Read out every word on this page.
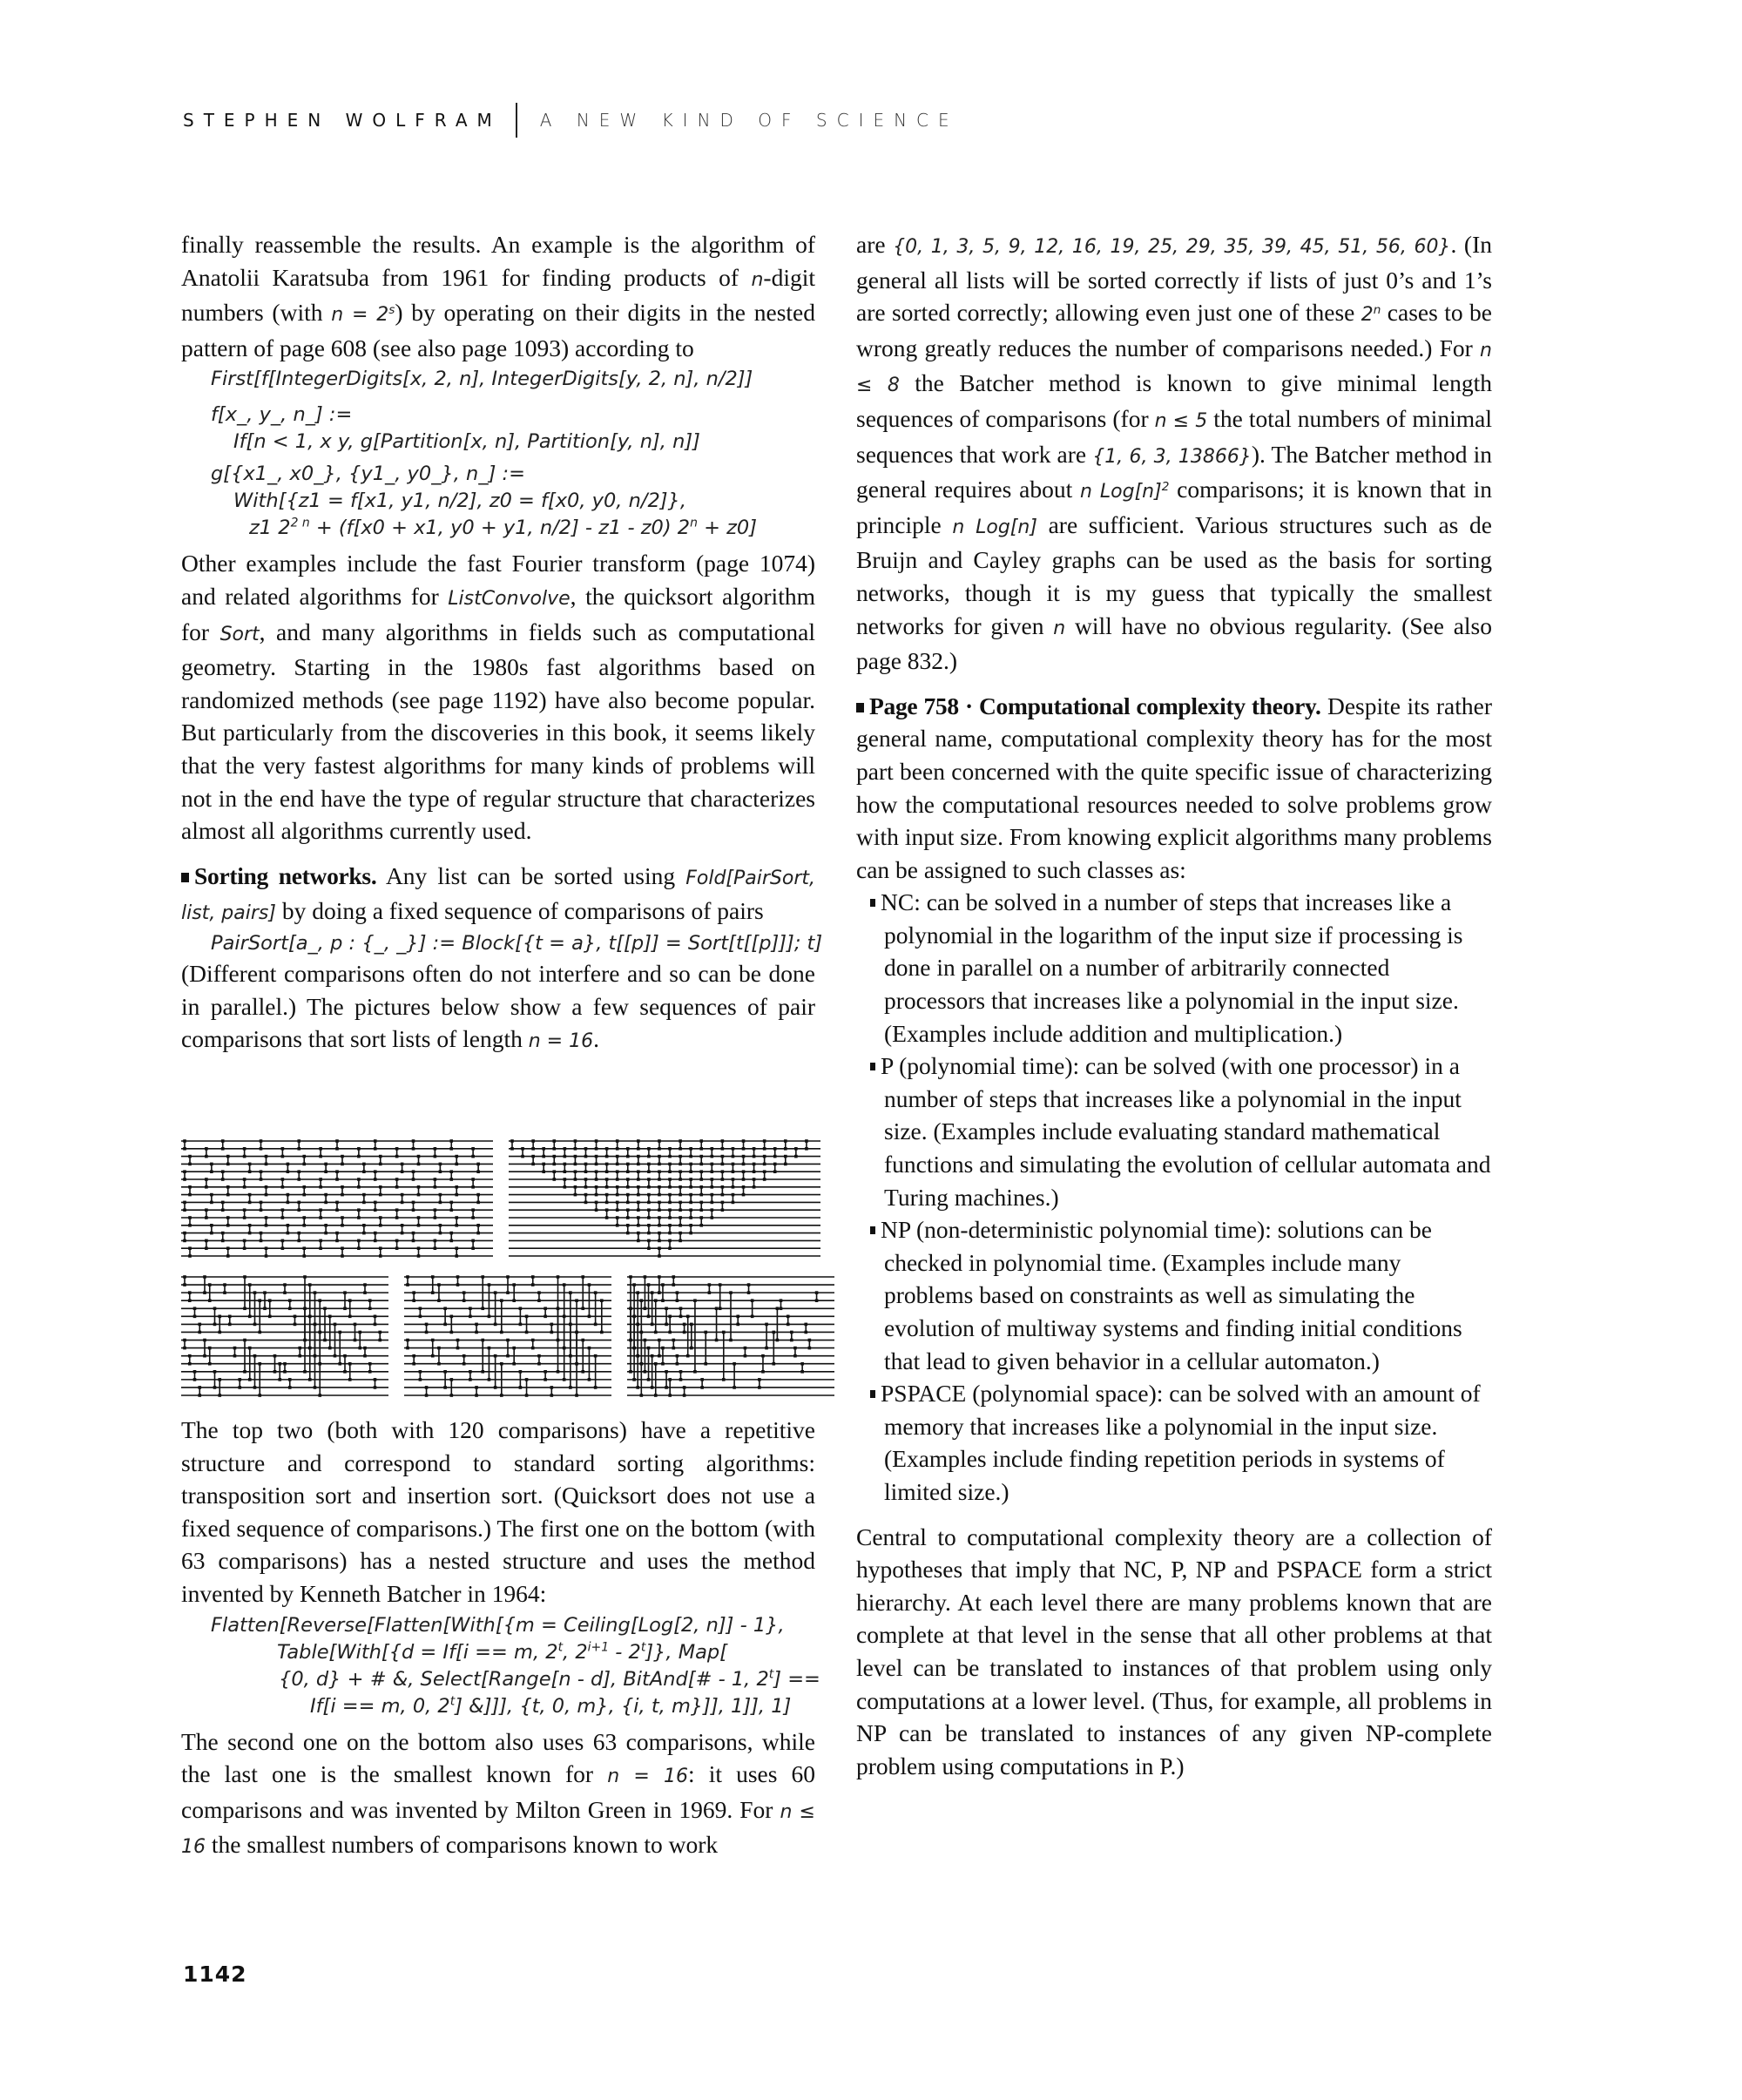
STEPHEN WOLFRAM A NEW KIND OF SCIENCE

finally reassemble the results. An example is the algorithm of Anatolii Karatsuba from 1961 for finding products of n-digit numbers (with $n = 2^s$) by operating on their digits in the nested pattern of page 608 (see also page 1093) according to

First[f[IntegerDigits[x, 2, n], IntegerDigits[y, 2, n], n/2]]
f[x_, y_, n_] :=
If[n < 1, x y, g[Partition[x, n], Partition[y, n], n]]
g[{x1_, x0_}, {y1_, y0_}, n_] :=
With[{z1 = f[x1, y1, n/2], z0 = f[x0, y0, n/2]},
z1 $2^{2 n} + (f[x0 + x1$, y0 + y1, n/2] - z1 - z0) $2^n + z0$]

Other examples include the fast Fourier transform (page 1074) and related algorithms for ListConvolve, the quicksort algorithm for Sort, and many algorithms in fields such as computational geometry. Starting in the 1980s fast algorithms based on randomized methods (see page 1192) have also become popular. But particularly from the discoveries in this book, it seems likely that the very fastest algorithms for many kinds of problems will not in the end have the type of regular structure that characterizes almost all algorithms currently used.

Sorting networks. Any list can be sorted using Fold[PairSort, list, pairs] by doing a fixed sequence of comparisons of pairs

PairSort[a_, p : {_, _}] := Block[{t = a}, t[[p]] = Sort[t[[p]]]; t]

(Different comparisons often do not interfere and so can be done in parallel.) The pictures below show a few sequences of pair comparisons that sort lists of length n = 16.

The top two (both with 120 comparisons) have a repetitive structure and correspond to standard sorting algorithms: transposition sort and insertion sort. (Quicksort does not use a fixed sequence of comparisons.) The first one on the bottom (with 63 comparisons) has a nested structure and uses the method invented by Kenneth Batcher in 1964:

Flatten[Reverse[Flatten[With[{m = Ceiling[Log[2, n]] - 1},
Table[With[{d = If[i == m, 2$^t$, $2^{i+1} - 2^t$]}, Map[
{0, d} + # &, Select[Range[n - d], BitAnd[# - 1, $2^t$] ==
If[i == m, 0, 2$^t$] &]]], {t, 0, m}, {i, t, m}]], 1]], 1]

The second one on the bottom also uses 63 comparisons, while the last one is the smallest known for n = 16: it uses 60 comparisons and was invented by Milton Green in 1969. For n ≤ 16 the smallest numbers of comparisons known to work

are {0, 1, 3, 5, 9, 12, 16, 19, 25, 29, 35, 39, 45, 51, 56, 60}. (In general all lists will be sorted correctly if lists of just 0’s and 1’s are sorted correctly; allowing even just one of these 2$^n$ cases to be wrong greatly reduces the number of comparisons needed.) For n ≤ 8 the Batcher method is known to give minimal length sequences of comparisons (for n ≤ 5 the total numbers of minimal sequences that work are {1, 6, 3, 13866}). The Batcher method in general requires about n $Log[n]^2$ comparisons; it is known that in principle n Log[n] are sufficient. Various structures such as de Bruijn and Cayley graphs can be used as the basis for sorting networks, though it is my guess that typically the smallest networks for given n will have no obvious regularity. (See also page 832.)

Page 758 · Computational complexity theory. Despite its rather general name, computational complexity theory has for the most part been concerned with the quite specific issue of characterizing how the computational resources needed to solve problems grow with input size. From knowing explicit algorithms many problems can be assigned to such classes as:

NC: can be solved in a number of steps that increases like a polynomial in the logarithm of the input size if processing is done in parallel on a number of arbitrarily connected processors that increases like a polynomial in the input size. (Examples include addition and multiplication.)

P (polynomial time): can be solved (with one processor) in a number of steps that increases like a polynomial in the input size. (Examples include evaluating standard mathematical functions and simulating the evolution of cellular automata and Turing machines.)

NP (non-deterministic polynomial time): solutions can be checked in polynomial time. (Examples include many problems based on constraints as well as simulating the evolution of multiway systems and finding initial conditions that lead to given behavior in a cellular automaton.)

PSPACE (polynomial space): can be solved with an amount of memory that increases like a polynomial in the input size. (Examples include finding repetition periods in systems of limited size.)

Central to computational complexity theory are a collection of hypotheses that imply that NC, P, NP and PSPACE form a strict hierarchy. At each level there are many problems known that are complete at that level in the sense that all other problems at that level can be translated to instances of that problem using only computations at a lower level. (Thus, for example, all problems in NP can be translated to instances of any given NP-complete problem using computations in P.)

1142
